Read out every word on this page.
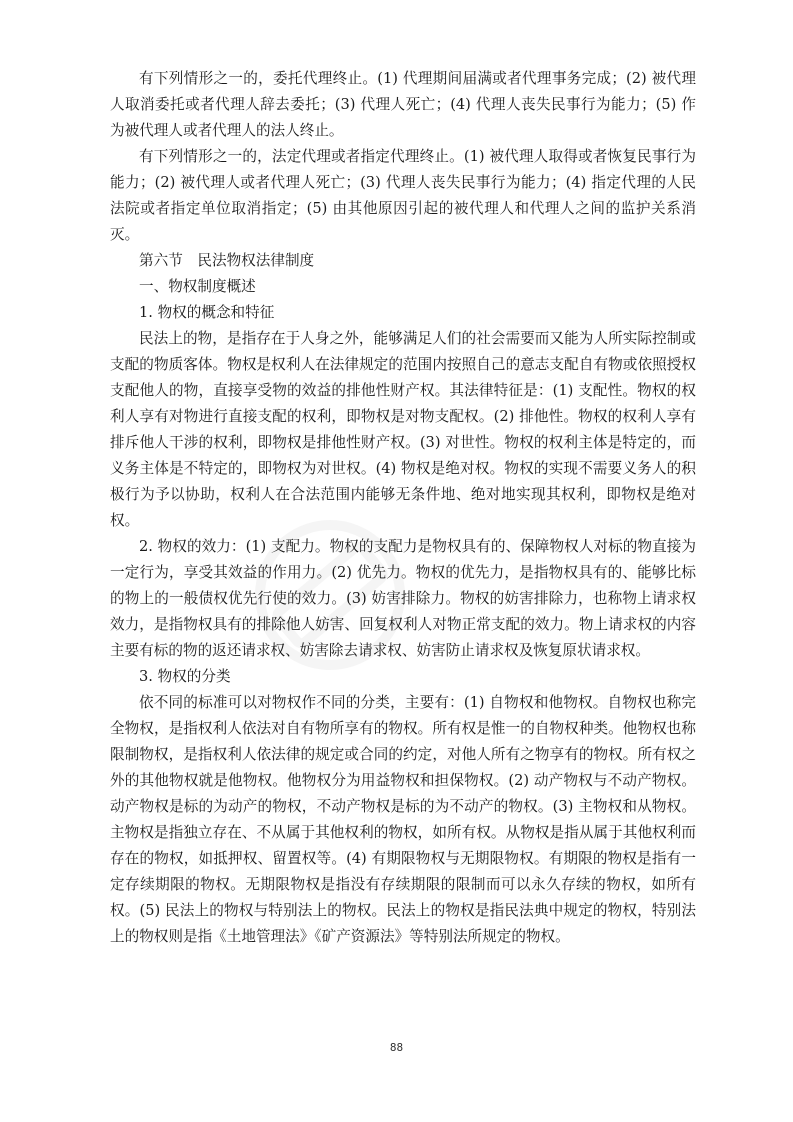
有下列情形之一的，委托代理终止。(1) 代理期间届满或者代理事务完成；(2) 被代理人取消委托或者代理人辞去委托；(3) 代理人死亡；(4) 代理人丧失民事行为能力；(5) 作为被代理人或者代理人的法人终止。

有下列情形之一的，法定代理或者指定代理终止。(1) 被代理人取得或者恢复民事行为能力；(2) 被代理人或者代理人死亡；(3) 代理人丧失民事行为能力；(4) 指定代理的人民法院或者指定单位取消指定；(5) 由其他原因引起的被代理人和代理人之间的监护关系消灭。

第六节　民法物权法律制度

一、物权制度概述

1. 物权的概念和特征

民法上的物，是指存在于人身之外，能够满足人们的社会需要而又能为人所实际控制或支配的物质客体。物权是权利人在法律规定的范围内按照自己的意志支配自有物或依照授权支配他人的物，直接享受物的效益的排他性财产权。其法律特征是：(1) 支配性。物权的权利人享有对物进行直接支配的权利，即物权是对物支配权。(2) 排他性。物权的权利人享有排斥他人干涉的权利，即物权是排他性财产权。(3) 对世性。物权的权利主体是特定的，而义务主体是不特定的，即物权为对世权。(4) 物权是绝对权。物权的实现不需要义务人的积极行为予以协助，权利人在合法范围内能够无条件地、绝对地实现其权利，即物权是绝对权。

2. 物权的效力：(1) 支配力。物权的支配力是物权具有的、保障物权人对标的物直接为一定行为，享受其效益的作用力。(2) 优先力。物权的优先力，是指物权具有的、能够比标的物上的一般债权优先行使的效力。(3) 妨害排除力。物权的妨害排除力，也称物上请求权效力，是指物权具有的排除他人妨害、回复权利人对物正常支配的效力。物上请求权的内容主要有标的物的返还请求权、妨害除去请求权、妨害防止请求权及恢复原状请求权。

3. 物权的分类

依不同的标准可以对物权作不同的分类，主要有：(1) 自物权和他物权。自物权也称完全物权，是指权利人依法对自有物所享有的物权。所有权是惟一的自物权种类。他物权也称限制物权，是指权利人依法律的规定或合同的约定，对他人所有之物享有的物权。所有权之外的其他物权就是他物权。他物权分为用益物权和担保物权。(2) 动产物权与不动产物权。动产物权是标的为动产的物权，不动产物权是标的为不动产的物权。(3) 主物权和从物权。主物权是指独立存在、不从属于其他权利的物权，如所有权。从物权是指从属于其他权利而存在的物权，如抵押权、留置权等。(4) 有期限物权与无期限物权。有期限的物权是指有一定存续期限的物权。无期限物权是指没有存续期限的限制而可以永久存续的物权，如所有权。(5) 民法上的物权与特别法上的物权。民法上的物权是指民法典中规定的物权，特别法上的物权则是指《土地管理法》《矿产资源法》等特别法所规定的物权。

88
